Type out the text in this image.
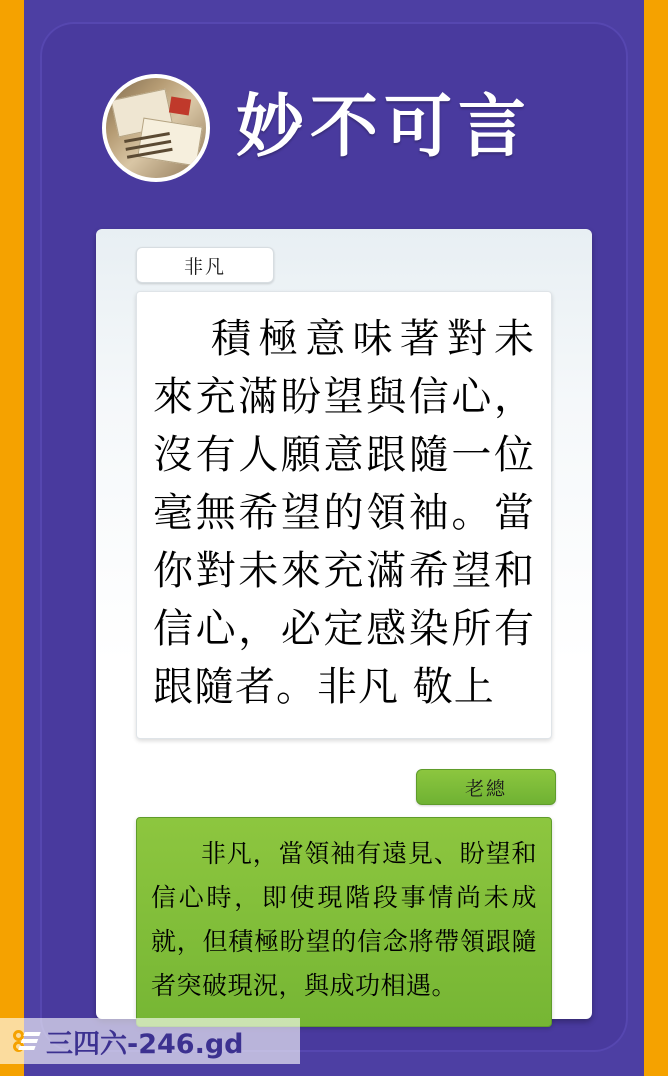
妙不可言
非凡
積極意味著對未來充滿盼望與信心，沒有人願意跟隨一位毫無希望的領袖。當你對未來充滿希望和信心，必定感染所有跟隨者。非凡 敬上
老總
非凡，當領袖有遠見、盼望和信心時，即使現階段事情尚未成就，但積極盼望的信念將帶領跟隨者突破現況，與成功相遇。
三四六-246.gd
